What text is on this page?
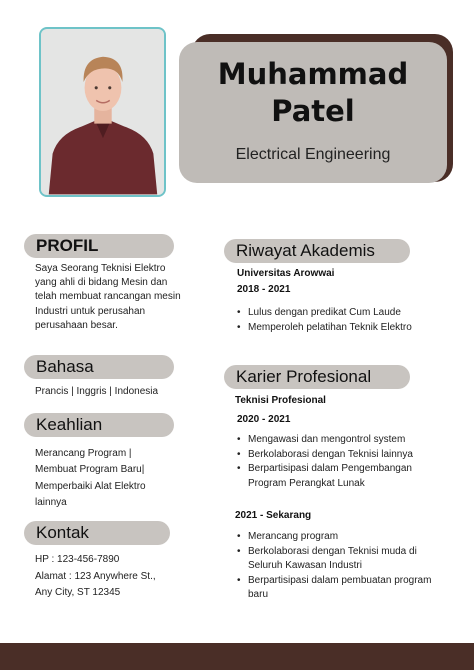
Muhammad
Patel
Electrical Engineering
PROFIL
Saya Seorang Teknisi Elektro
yang ahli di bidang Mesin dan
telah membuat rancangan mesin
Industri untuk perusahan
perusahaan besar.
Bahasa
Prancis | Inggris | Indonesia
Keahlian
Merancang Program |
Membuat Program Baru|
Memperbaiki Alat Elektro
lainnya
Kontak
HP : 123-456-7890
Alamat : 123 Anywhere St.,
Any City, ST 12345
Riwayat Akademis
Universitas Arowwai
2018 - 2021
• Lulus dengan predikat Cum Laude
• Memperoleh pelatihan Teknik Elektro
Karier Profesional
Teknisi Profesional
2020 - 2021
• Mengawasi dan mengontrol system
• Berkolaborasi dengan Teknisi lainnya
• Berpartisipasi dalam Pengembangan
Program Perangkat Lunak
2021 - Sekarang
• Merancang program
• Berkolaborasi dengan Teknisi muda di
Seluruh Kawasan Industri
• Berpartisipasi dalam pembuatan program
baru
